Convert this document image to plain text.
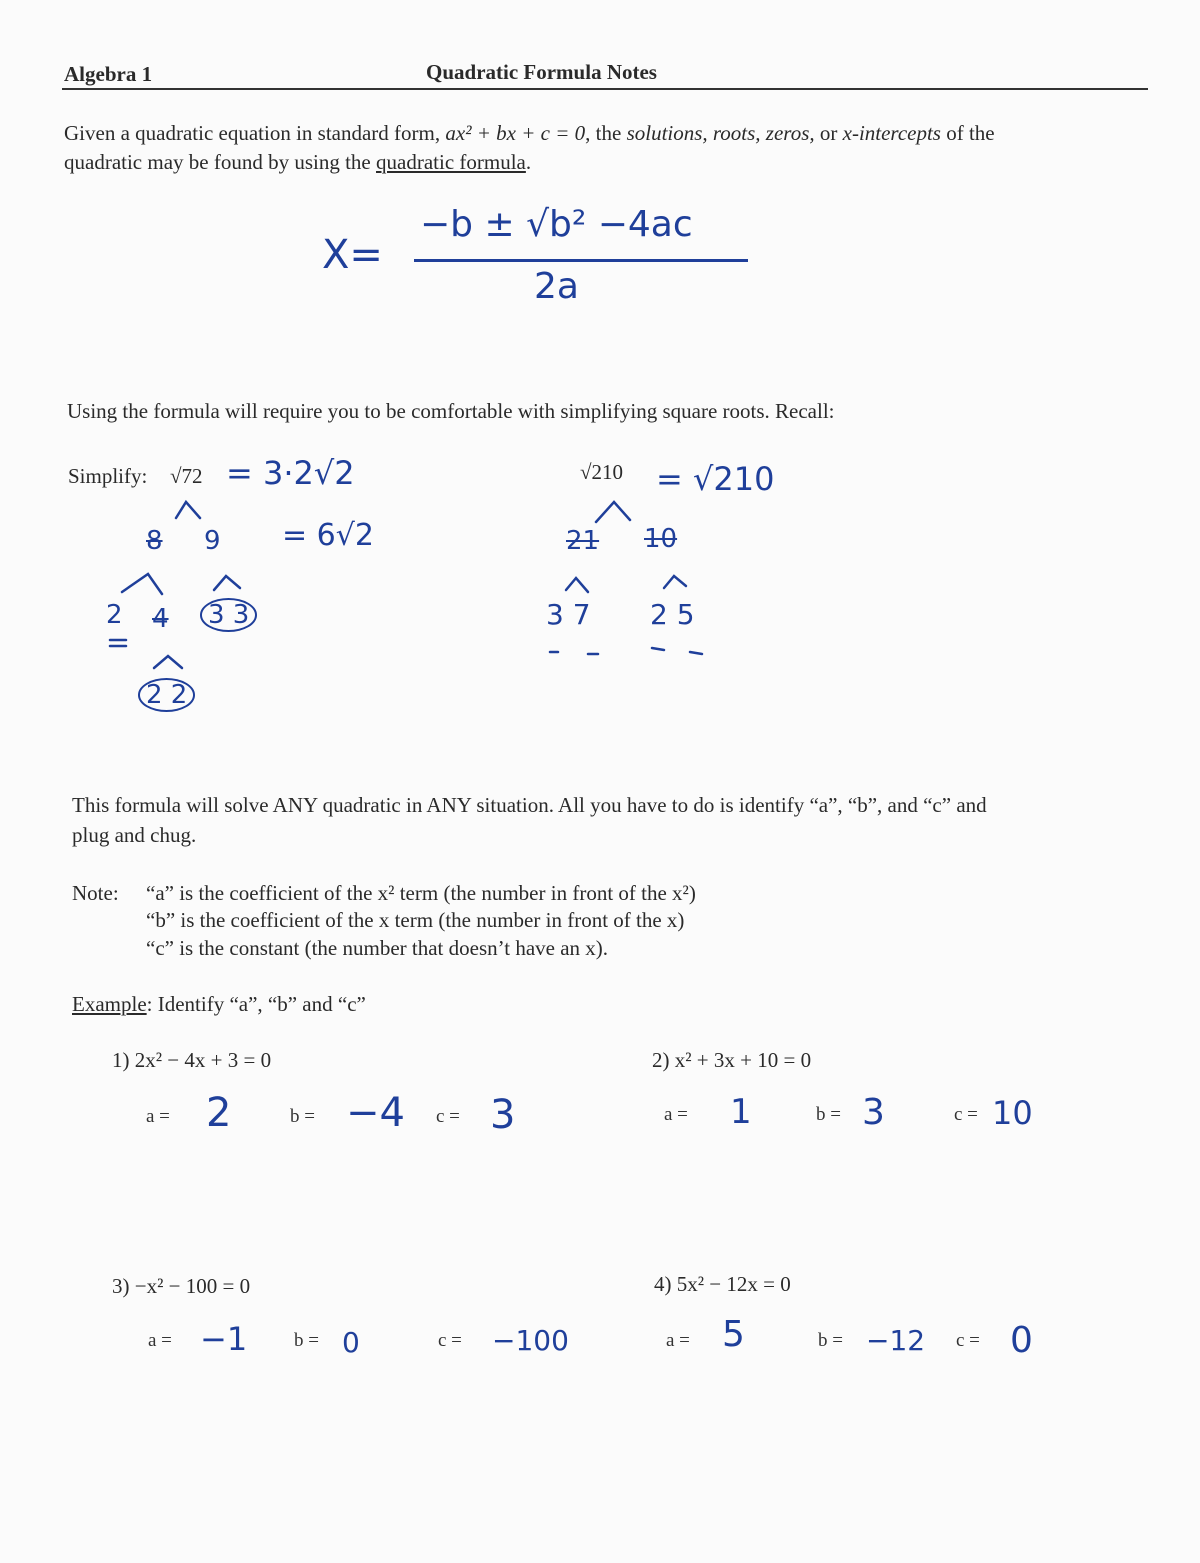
Algebra 1	Quadratic Formula Notes
Given a quadratic equation in standard form, ax² + bx + c = 0, the solutions, roots, zeros, or x-intercepts of the
quadratic may be found by using the quadratic formula.
X=
−b ± √b² −4ac
2a
Using the formula will require you to be comfortable with simplifying square roots. Recall:
Simplify: √72 = 3·2√2
= 6√2
8 9
2 4	3 3
2 2
√210 = √210
21 10
3 7 2 5
This formula will solve ANY quadratic in ANY situation. All you have to do is identify “a”, “b”, and “c” and
plug and chug.
Note: “a” is the coefficient of the x² term (the number in front of the x²)
“b” is the coefficient of the x term (the number in front of the x)
“c” is the constant (the number that doesn’t have an x).
Example: Identify “a”, “b” and “c”
1) 2x² − 4x + 3 = 0
a = 2	b = −4 c = 3
2) x² + 3x + 10 = 0
a = 1	b = 3	c = 10
3) −x² − 100 = 0
a = −1 b = 0	c = −100
4) 5x² − 12x = 0
a = 5	b = −12 c = 0
